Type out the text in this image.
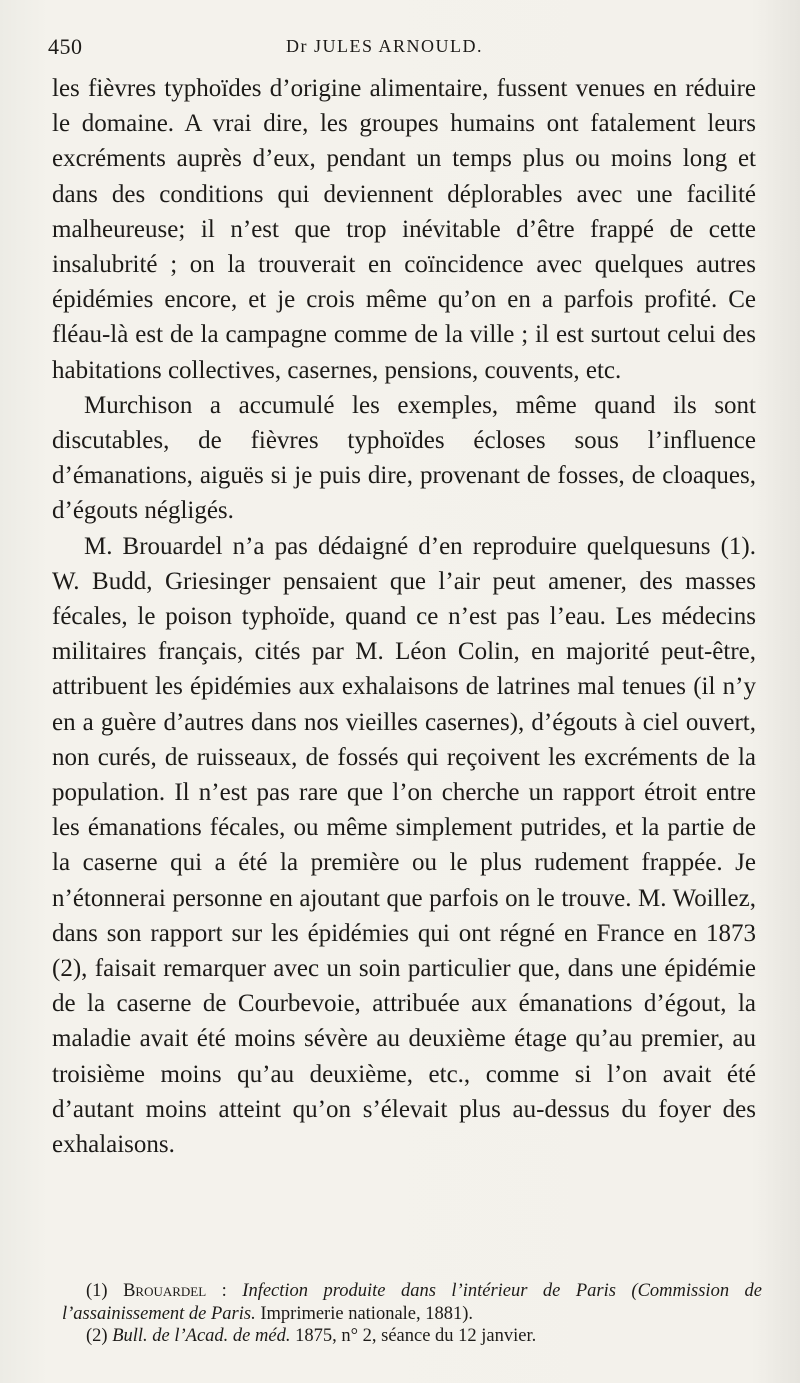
450	Dr JULES ARNOULD.

les fièvres typhoïdes d’origine alimentaire, fussent venues en réduire le domaine. A vrai dire, les groupes humains ont fatalement leurs excréments auprès d’eux, pendant un temps plus ou moins long et dans des conditions qui deviennent déplorables avec une facilité malheureuse; il n’est que trop inévitable d’être frappé de cette insalubrité ; on la trouverait en coïncidence avec quelques autres épidémies encore, et je crois même qu’on en a parfois profité. Ce fléau-là est de la campagne comme de la ville ; il est surtout celui des habitations collectives, casernes, pensions, couvents, etc.

Murchison a accumulé les exemples, même quand ils sont discutables, de fièvres typhoïdes écloses sous l’influence d’émanations, aiguës si je puis dire, provenant de fosses, de cloaques, d’égouts négligés.

M. Brouardel n’a pas dédaigné d’en reproduire quelquesuns (1). W. Budd, Griesinger pensaient que l’air peut amener, des masses fécales, le poison typhoïde, quand ce n’est pas l’eau. Les médecins militaires français, cités par M. Léon Colin, en majorité peut-être, attribuent les épidémies aux exhalaisons de latrines mal tenues (il n’y en a guère d’autres dans nos vieilles casernes), d’égouts à ciel ouvert, non curés, de ruisseaux, de fossés qui reçoivent les excréments de la population. Il n’est pas rare que l’on cherche un rapport étroit entre les émanations fécales, ou même simplement putrides, et la partie de la caserne qui a été la première ou le plus rudement frappée. Je n’étonnerai personne en ajoutant que parfois on le trouve. M. Woillez, dans son rapport sur les épidémies qui ont régné en France en 1873 (2), faisait remarquer avec un soin particulier que, dans une épidémie de la caserne de Courbevoie, attribuée aux émanations d’égout, la maladie avait été moins sévère au deuxième étage qu’au premier, au troisième moins qu’au deuxième, etc., comme si l’on avait été d’autant moins atteint qu’on s’élevait plus au-dessus du foyer des exhalaisons.

(1) Brouardel : Infection produite dans l’intérieur de Paris (Commission de l’assainissement de Paris. Imprimerie nationale, 1881).

(2) Bull. de l’Acad. de méd. 1875, n° 2, séance du 12 janvier.
